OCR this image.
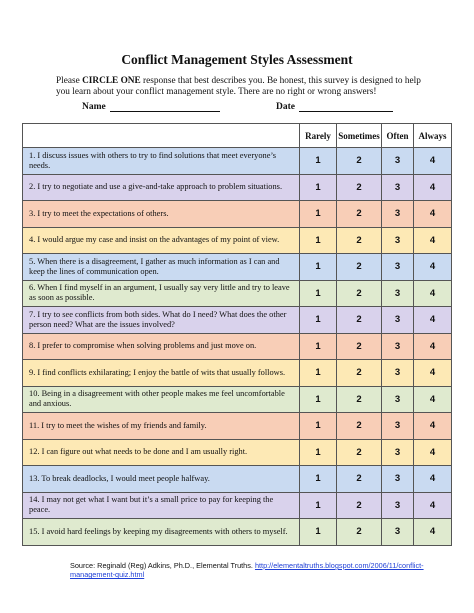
Conflict Management Styles Assessment
Please CIRCLE ONE response that best describes you. Be honest, this survey is designed to help you learn about your conflict management style. There are no right or wrong answers!
Name	Date
	Rarely	Sometimes	Often	Always
1. I discuss issues with others to try to find solutions that meet everyone’s needs.	1	2	3	4
2. I try to negotiate and use a give-and-take approach to problem situations.	1	2	3	4
3. I try to meet the expectations of others.	1	2	3	4
4. I would argue my case and insist on the advantages of my point of view.	1	2	3	4
5. When there is a disagreement, I gather as much information as I can and keep the lines of communication open.	1	2	3	4
6. When I find myself in an argument, I usually say very little and try to leave as soon as possible.	1	2	3	4
7. I try to see conflicts from both sides. What do I need? What does the other person need? What are the issues involved?	1	2	3	4
8. I prefer to compromise when solving problems and just move on.	1	2	3	4
9. I find conflicts exhilarating; I enjoy the battle of wits that usually follows.	1	2	3	4
10. Being in a disagreement with other people makes me feel uncomfortable and anxious.	1	2	3	4
11. I try to meet the wishes of my friends and family.	1	2	3	4
12. I can figure out what needs to be done and I am usually right.	1	2	3	4
13. To break deadlocks, I would meet people halfway.	1	2	3	4
14. I may not get what I want but it’s a small price to pay for keeping the peace.	1	2	3	4
15. I avoid hard feelings by keeping my disagreements with others to myself.	1	2	3	4
Source: Reginald (Reg) Adkins, Ph.D., Elemental Truths. http://elementaltruths.blogspot.com/2006/11/conflict-management-quiz.html
